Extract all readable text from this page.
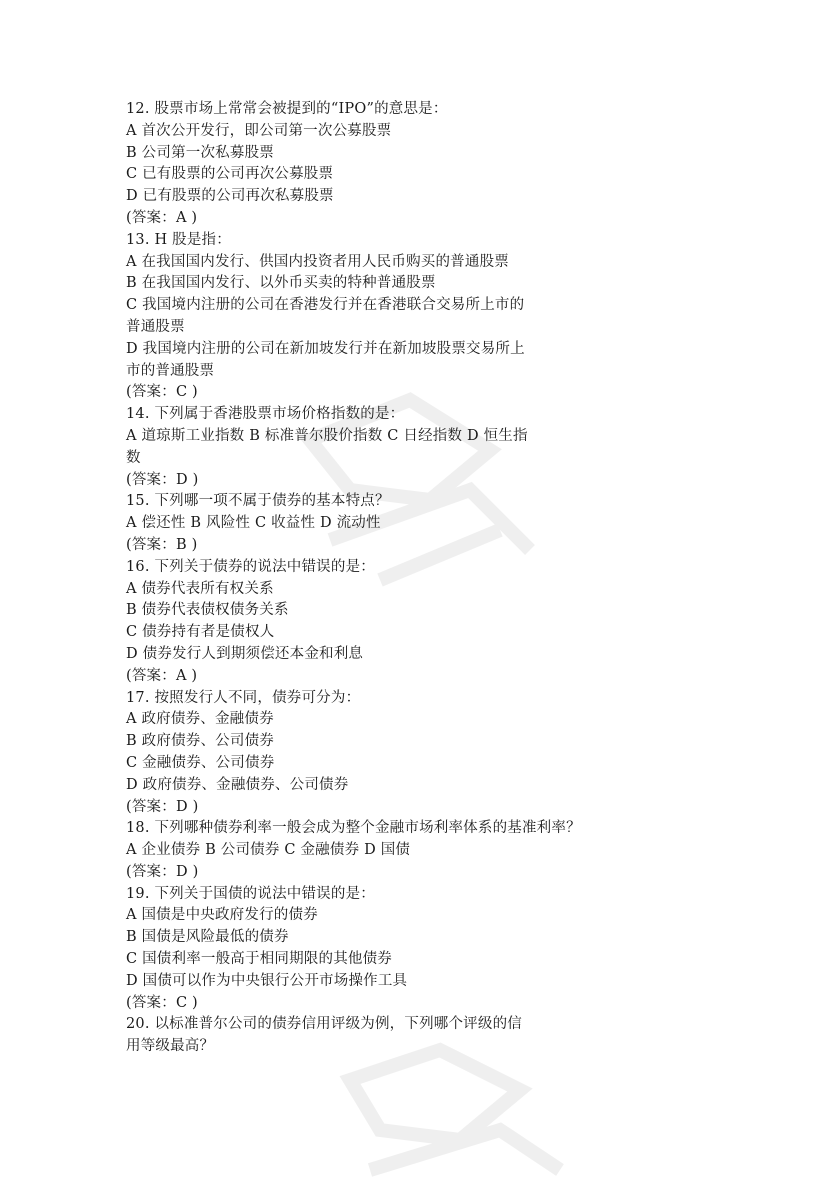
12. 股票市场上常常会被提到的“IPO”的意思是：
A 首次公开发行，即公司第一次公募股票
B 公司第一次私募股票
C 已有股票的公司再次公募股票
D 已有股票的公司再次私募股票
(答案：A )
13. H 股是指：
A 在我国国内发行、供国内投资者用人民币购买的普通股票
B 在我国国内发行、以外币买卖的特种普通股票
C 我国境内注册的公司在香港发行并在香港联合交易所上市的
普通股票
D 我国境内注册的公司在新加坡发行并在新加坡股票交易所上
市的普通股票
(答案：C )
14. 下列属于香港股票市场价格指数的是：
A 道琼斯工业指数 B 标准普尔股价指数 C 日经指数 D 恒生指
数
(答案：D )
15. 下列哪一项不属于债券的基本特点？
A 偿还性 B 风险性 C 收益性 D 流动性
(答案：B )
16. 下列关于债券的说法中错误的是：
A 债券代表所有权关系
B 债券代表债权债务关系
C 债券持有者是债权人
D 债券发行人到期须偿还本金和利息
(答案：A )
17. 按照发行人不同，债券可分为：
A 政府债券、金融债券
B 政府债券、公司债券
C 金融债券、公司债券
D 政府债券、金融债券、公司债券
(答案：D )
18. 下列哪种债券利率一般会成为整个金融市场利率体系的基准利率？
A 企业债券 B 公司债券 C 金融债券 D 国债
(答案：D )
19. 下列关于国债的说法中错误的是：
A 国债是中央政府发行的债券
B 国债是风险最低的债券
C 国债利率一般高于相同期限的其他债券
D 国债可以作为中央银行公开市场操作工具
(答案：C )
20. 以标准普尔公司的债券信用评级为例，下列哪个评级的信
用等级最高？
